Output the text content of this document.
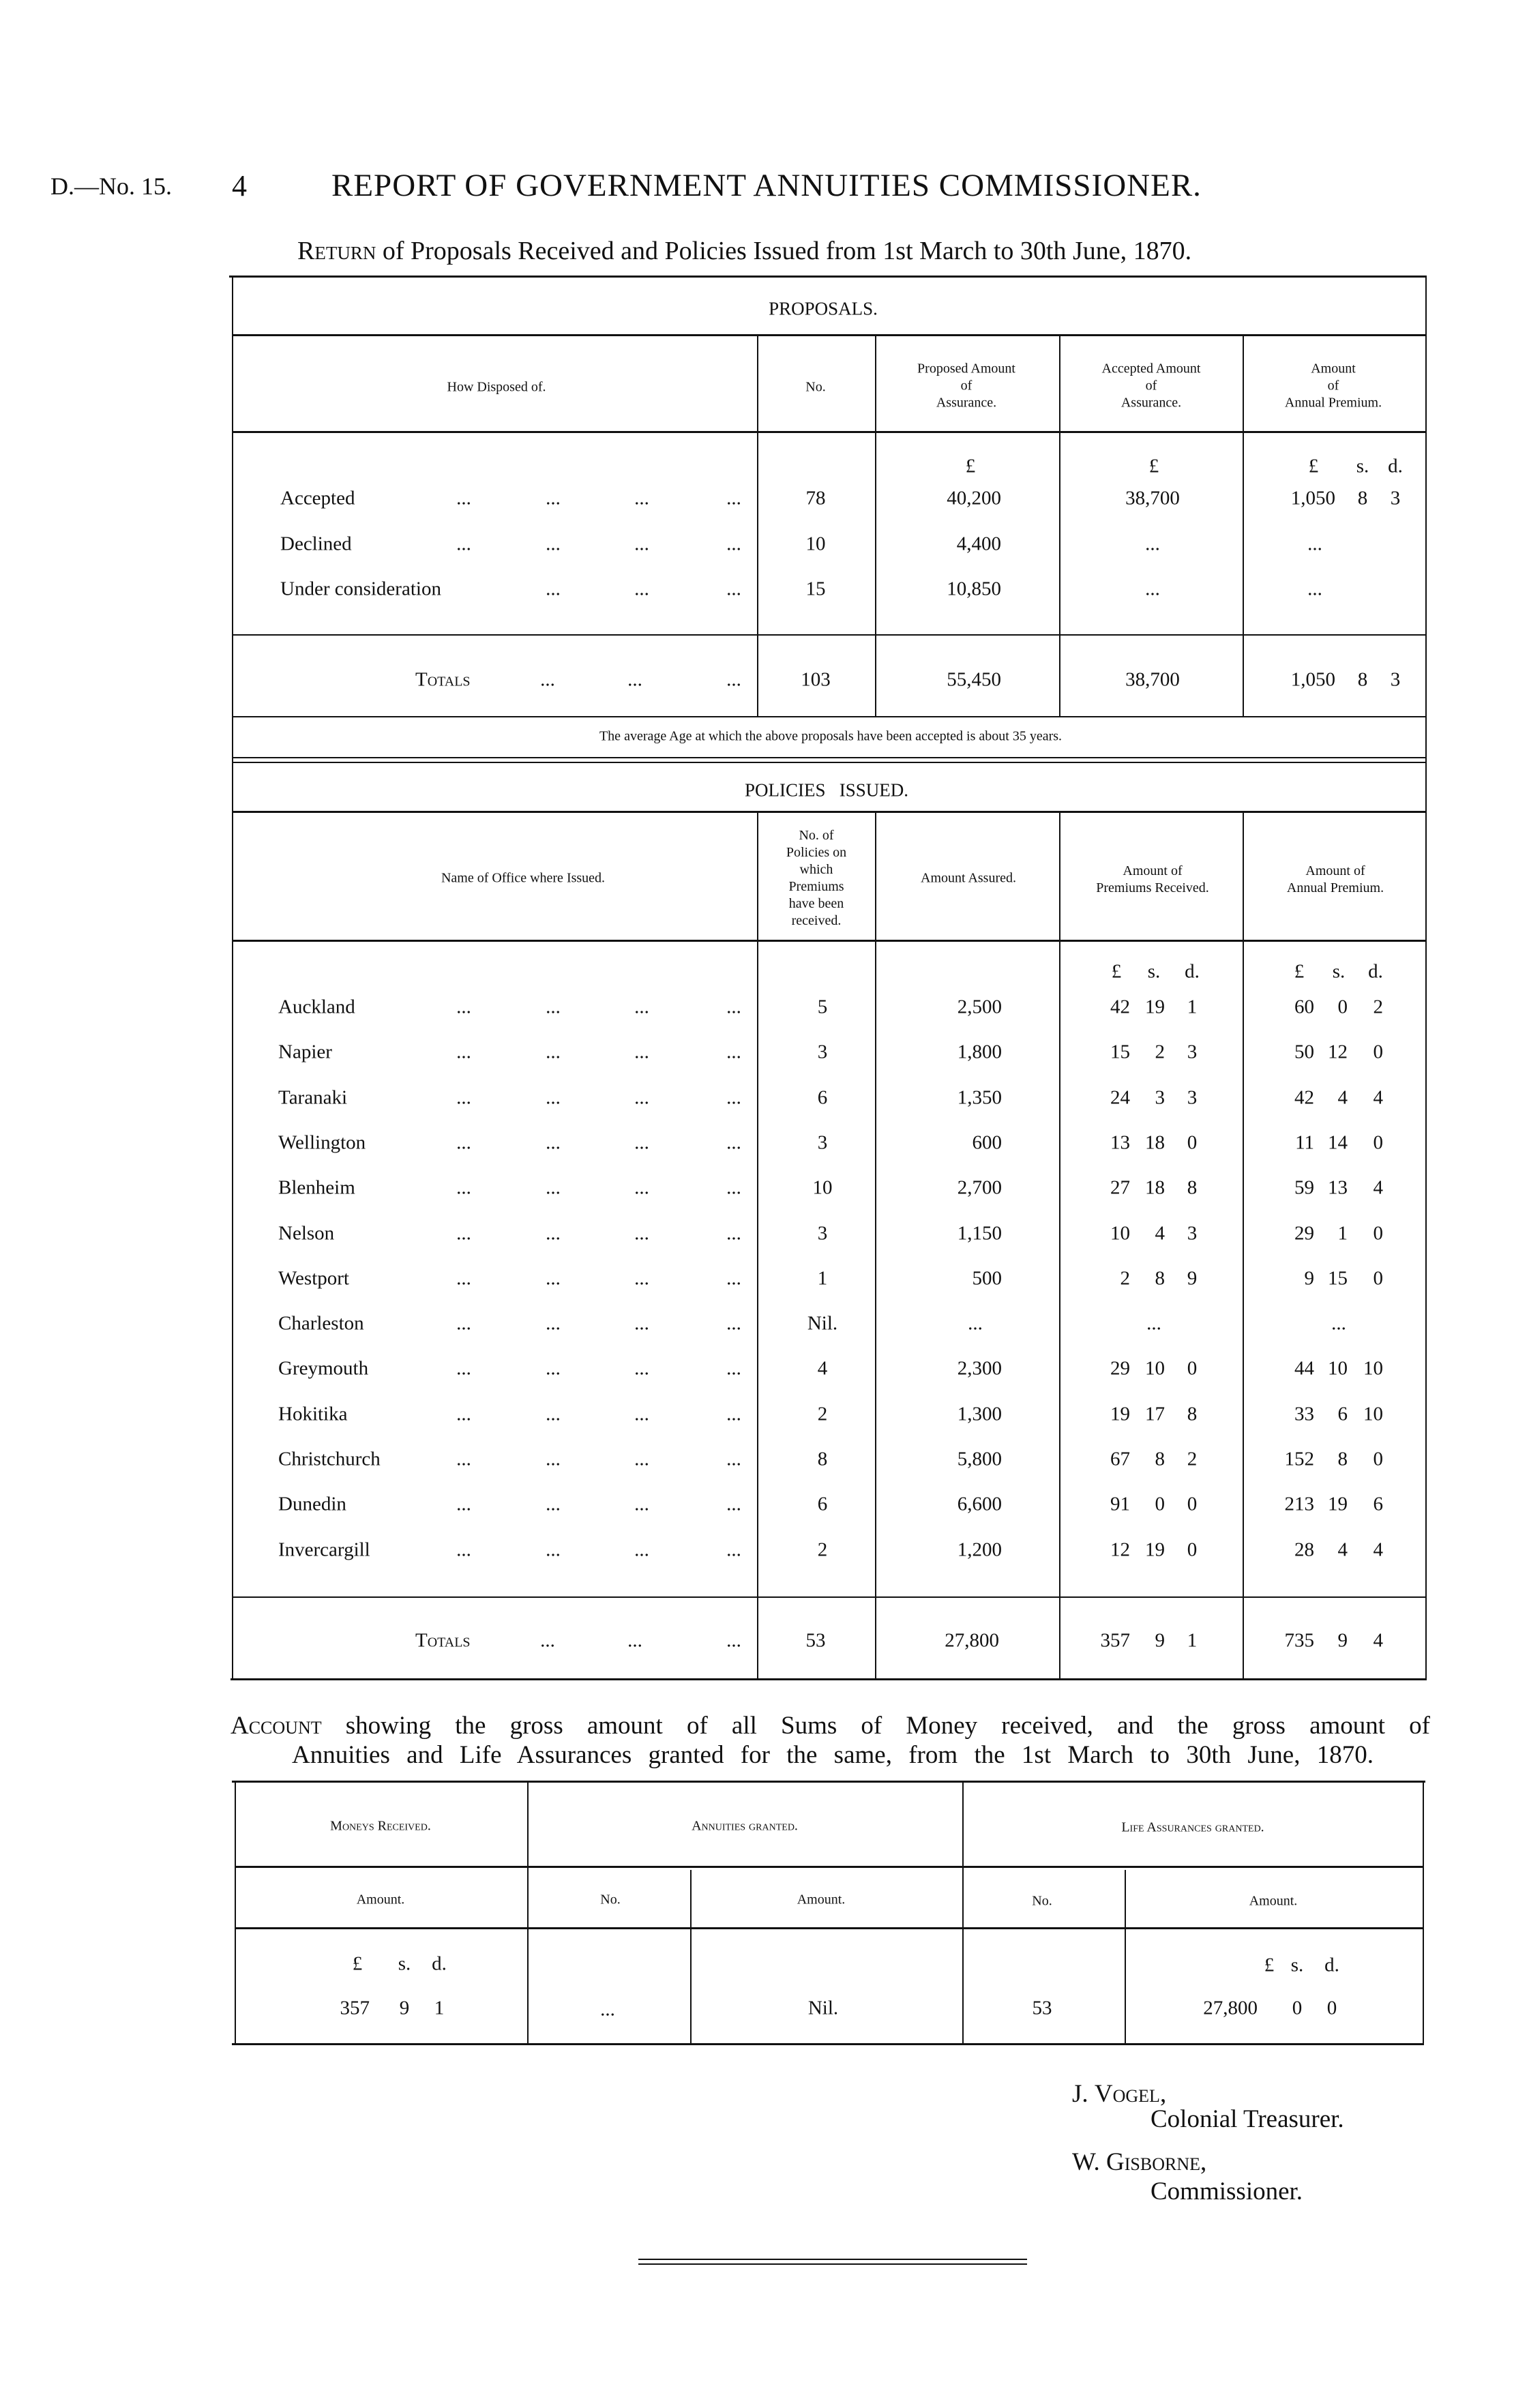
D.—No. 15. 4	REPORT OF GOVERNMENT ANNUITIES COMMISSIONER.
Return of Proposals Received and Policies Issued from 1st March to 30th June, 1870.
Account showing the gross amount of all Sums of Money received, and the gross amount of
Annuities and Life Assurances granted for the same, from the 1st March to 30th June, 1870.
J. Vogel,
Colonial Treasurer.
W. Gisborne,
Commissioner.
PROPOSALS.
How Disposed of.	No.
Proposed Amount
of
Assurance.
Accepted Amount
of
Assurance.
Amount
of
Annual Premium.
£	£	£ s. d.
Accepted	...	...	...	...	78	40,200	38,700	1,050 8 3
Declined	...	...	...	...	10	4,400	...	...
Under consideration	...	...	...	15	10,850	...	...
Totals	...	...	...	103	55,450	38,700	1,050 8 3
The average Age at which the above proposals have been accepted is about 35 years.
POLICIES   ISSUED.
Name of Office where Issued.
No. of
Policies on
which
Premiums
have been
received.
Amount Assured.	Amount of
Premiums Received.
Amount of
Annual Premium.
£ s. d.	£ s. d.
Auckland	...	...	...	...	5	2,500	42 19 1	60 0 2
Napier	...	...	...	...	3	1,800	15 2 3	50 12 0
Taranaki	...	...	...	...	6	1,350	24 3 3	42 4 4
Wellington	...	...	...	...	3	600	13 18 0	11 14 0
Blenheim	...	...	...	...	10	2,700	27 18 8	59 13 4
Nelson	...	...	...	...	3	1,150	10 4 3	29 1 0
Westport	...	...	...	...	1	500	2 8 9	9 15 0
Charleston	...	...	...	...	Nil.	...	...	...
Greymouth	...	...	...	...	4	2,300	29 10 0	44 10 10
Hokitika	...	...	...	...	2	1,300	19 17 8	33 6 10
Christchurch	...	...	...	...	8	5,800	67 8 2	152 8 0
Dunedin	...	...	...	...	6	6,600	91 0 0	213 19 6
Invercargill	...	...	...	...	2	1,200	12 19 0	28 4 4
Totals	...	...	...	53	27,800	357 9 1	735 9 4
Moneys Received.	Annuities granted.	Life Assurances granted.
Amount.	No.	Amount.	No.	Amount.
£ s. d.	£ s. d.
357 9 1	...	Nil.	53	27,800 0 0
